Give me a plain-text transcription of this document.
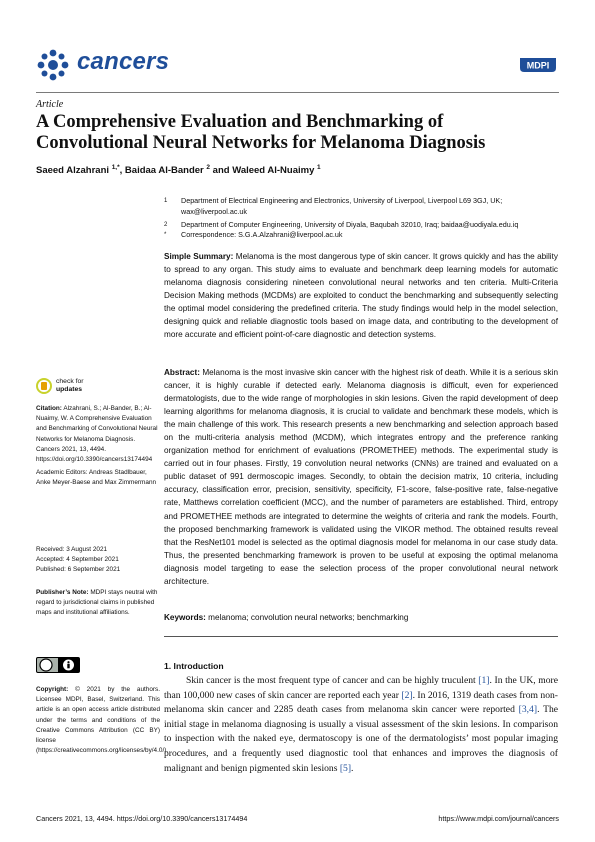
cancers	MDPI
Article
A Comprehensive Evaluation and Benchmarking of Convolutional Neural Networks for Melanoma Diagnosis
Saeed Alzahrani $^{1,*}$, Baidaa Al-Bander $^2$ and Waleed Al-Nuaimy $^1$
1 Department of Electrical Engineering and Electronics, University of Liverpool, Liverpool L69 3GJ, UK; wax@liverpool.ac.uk
2 Department of Computer Engineering, University of Diyala, Baqubah 32010, Iraq; baidaa@uodiyala.edu.iq
* Correspondence: S.G.A.Alzahrani@liverpool.ac.uk
Simple Summary: Melanoma is the most dangerous type of skin cancer. It grows quickly and has the ability to spread to any organ. This study aims to evaluate and benchmark deep learning models for automatic melanoma diagnosis considering nineteen convolutional neural networks and ten criteria. Multi-Criteria Decision Making methods (MCDMs) are exploited to conduct the benchmarking and subsequently selecting the optimal model considering the predefined criteria. The study findings would help in the model selection, designing quick and reliable diagnostic tools based on image data, and contributing to the development of more accurate and efficient point-of-care diagnostic and detection systems.
Abstract: Melanoma is the most invasive skin cancer with the highest risk of death. While it is a serious skin cancer, it is highly curable if detected early. Melanoma diagnosis is difficult, even for experienced dermatologists, due to the wide range of morphologies in skin lesions. Given the rapid development of deep learning algorithms for melanoma diagnosis, it is crucial to validate and benchmark these models, which is the main challenge of this work. This research presents a new benchmarking and selection approach based on the multi-criteria analysis method (MCDM), which integrates entropy and the preference ranking organization method for enrichment of evaluations (PROMETHEE) methods. The experimental study is carried out in four phases. Firstly, 19 convolution neural networks (CNNs) are trained and evaluated on a public dataset of 991 dermoscopic images. Secondly, to obtain the decision matrix, 10 criteria, including accuracy, classification error, precision, sensitivity, specificity, F1-score, false-positive rate, false-negative rate, Matthews correlation coefficient (MCC), and the number of parameters are established. Third, entropy and PROMETHEE methods are integrated to determine the weights of criteria and rank the models. Fourth, the proposed benchmarking framework is validated using the VIKOR method. The obtained results reveal that the ResNet101 model is selected as the optimal diagnosis model for melanoma in our case study data. Thus, the presented benchmarking framework is proven to be useful at exposing the optimal melanoma diagnosis model targeting to ease the selection process of the proper convolutional neural network architecture.
Keywords: melanoma; convolution neural networks; benchmarking
1. Introduction
Skin cancer is the most frequent type of cancer and can be highly truculent [1]. In the UK, more than 100,000 new cases of skin cancer are reported each year [2]. In 2016, 1319 death cases from non-melanoma skin cancer and 2285 death cases from melanoma skin cancer were reported [3,4]. The initial stage in melanoma diagnosing is usually a visual assessment of the skin lesions. In comparison to inspection with the naked eye, dermatoscopy is one of the dermatologists’ most popular imaging procedures, and a frequently used diagnostic tool that enhances and improves the diagnosis of malignant and benign pigmented skin lesions [5].
check for
updates
Citation: Alzahrani, S.; Al-Bander, B.; Al-Nuaimy, W. A Comprehensive Evaluation and Benchmarking of Convolutional Neural Networks for Melanoma Diagnosis. Cancers 2021, 13, 4494. https://doi.org/10.3390/cancers13174494
Academic Editors: Andreas Stadlbauer, Anke Meyer-Baese and Max Zimmermann
Received: 3 August 2021
Accepted: 4 September 2021
Published: 6 September 2021
Publisher’s Note: MDPI stays neutral with regard to jurisdictional claims in published maps and institutional affiliations.
Copyright: © 2021 by the authors. Licensee MDPI, Basel, Switzerland. This article is an open access article distributed under the terms and conditions of the Creative Commons Attribution (CC BY) license (https://creativecommons.org/licenses/by/4.0/).
Cancers 2021, 13, 4494. https://doi.org/10.3390/cancers13174494	https://www.mdpi.com/journal/cancers
